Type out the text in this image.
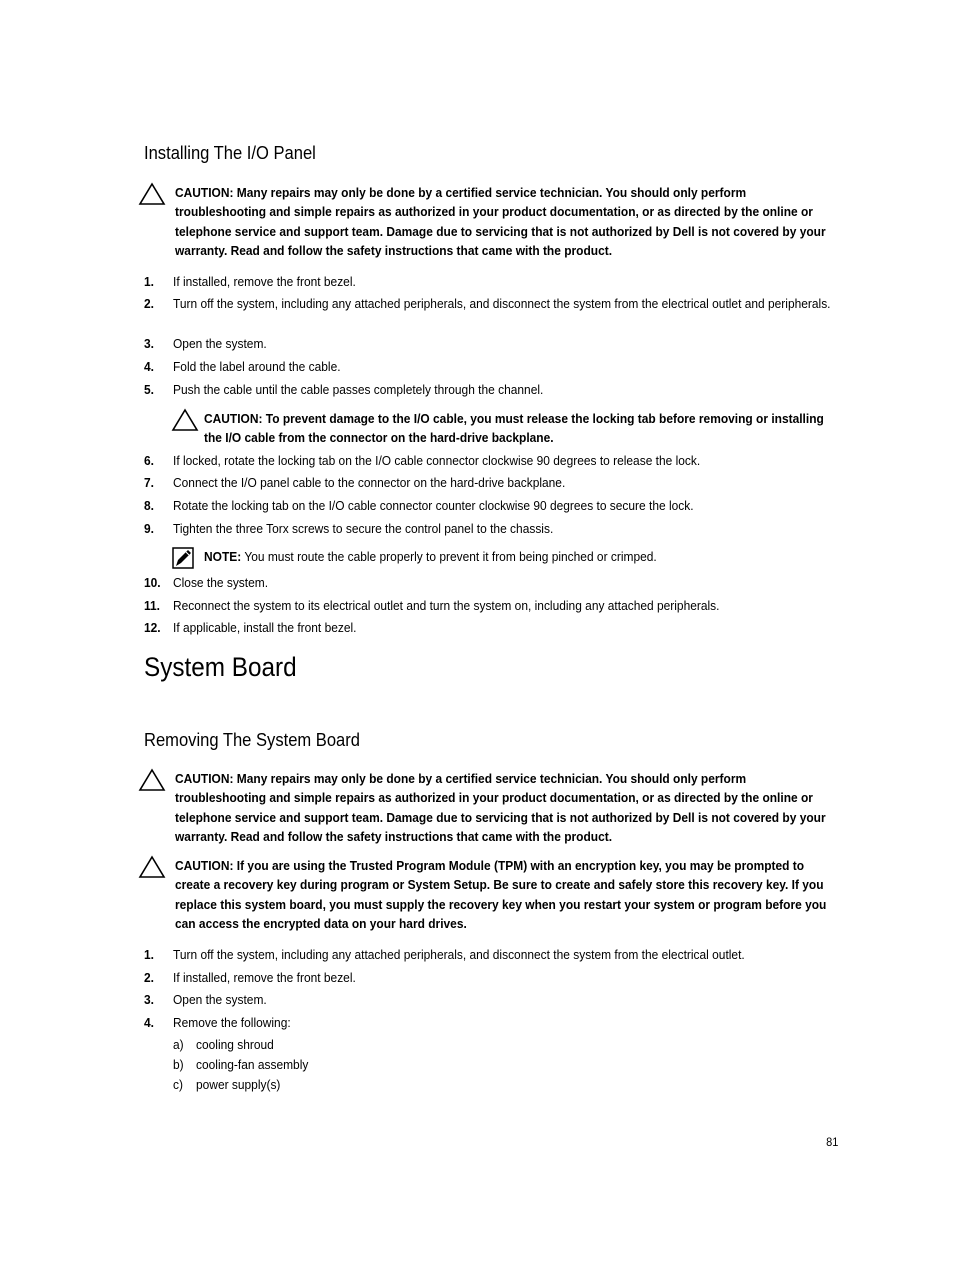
Installing The I/O Panel
CAUTION: Many repairs may only be done by a certified service technician. You should only perform troubleshooting and simple repairs as authorized in your product documentation, or as directed by the online or telephone service and support team. Damage due to servicing that is not authorized by Dell is not covered by your warranty. Read and follow the safety instructions that came with the product.
1. If installed, remove the front bezel.
2. Turn off the system, including any attached peripherals, and disconnect the system from the electrical outlet and peripherals.
3. Open the system.
4. Fold the label around the cable.
5. Push the cable until the cable passes completely through the channel.
CAUTION: To prevent damage to the I/O cable, you must release the locking tab before removing or installing the I/O cable from the connector on the hard-drive backplane.
6. If locked, rotate the locking tab on the I/O cable connector clockwise 90 degrees to release the lock.
7. Connect the I/O panel cable to the connector on the hard-drive backplane.
8. Rotate the locking tab on the I/O cable connector counter clockwise 90 degrees to secure the lock.
9. Tighten the three Torx screws to secure the control panel to the chassis.
NOTE: You must route the cable properly to prevent it from being pinched or crimped.
10. Close the system.
11. Reconnect the system to its electrical outlet and turn the system on, including any attached peripherals.
12. If applicable, install the front bezel.
System Board
Removing The System Board
CAUTION: Many repairs may only be done by a certified service technician. You should only perform troubleshooting and simple repairs as authorized in your product documentation, or as directed by the online or telephone service and support team. Damage due to servicing that is not authorized by Dell is not covered by your warranty. Read and follow the safety instructions that came with the product.
CAUTION: If you are using the Trusted Program Module (TPM) with an encryption key, you may be prompted to create a recovery key during program or System Setup. Be sure to create and safely store this recovery key. If you replace this system board, you must supply the recovery key when you restart your system or program before you can access the encrypted data on your hard drives.
1. Turn off the system, including any attached peripherals, and disconnect the system from the electrical outlet.
2. If installed, remove the front bezel.
3. Open the system.
4. Remove the following:
a) cooling shroud
b) cooling-fan assembly
c) power supply(s)
81
